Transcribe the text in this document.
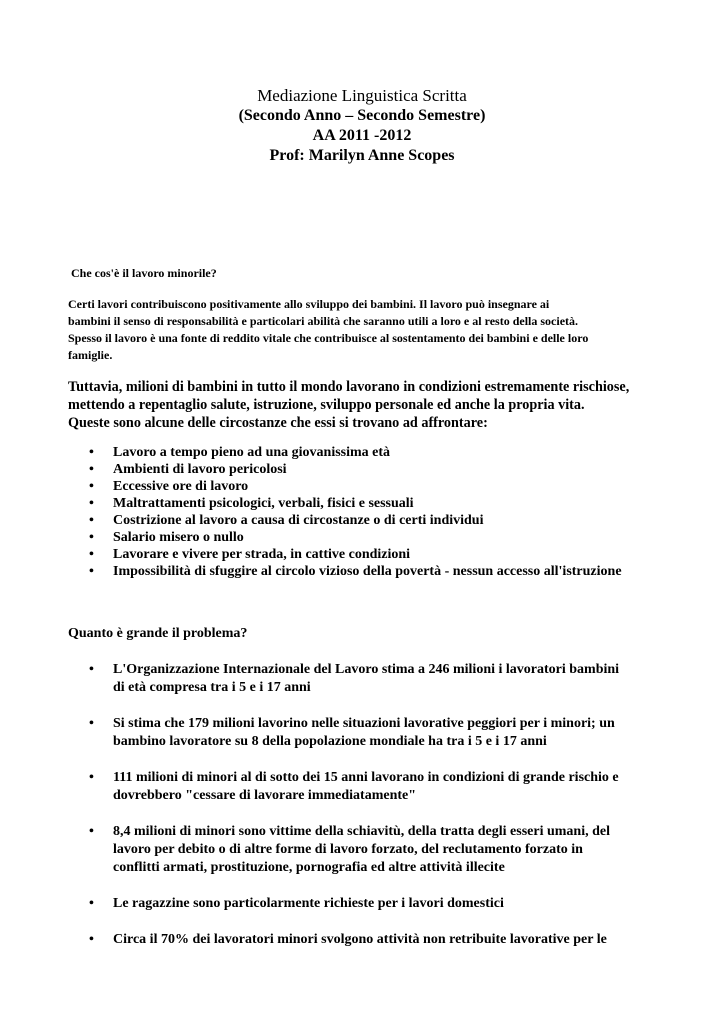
Mediazione Linguistica Scritta
(Secondo Anno – Secondo Semestre)
AA 2011 -2012
Prof: Marilyn Anne Scopes
Che cos'è il lavoro minorile?
Certi lavori contribuiscono positivamente allo sviluppo dei bambini. Il lavoro può insegnare ai
bambini il senso di responsabilità e particolari abilità che saranno utili a loro e al resto della società.
Spesso il lavoro è una fonte di reddito vitale che contribuisce al sostentamento dei bambini e delle loro
famiglie.
Tuttavia, milioni di bambini in tutto il mondo lavorano in condizioni estremamente rischiose,
mettendo a repentaglio salute, istruzione, sviluppo personale ed anche la propria vita.
Queste sono alcune delle circostanze che essi si trovano ad affrontare:
• Lavoro a tempo pieno ad una giovanissima età
• Ambienti di lavoro pericolosi
• Eccessive ore di lavoro
• Maltrattamenti psicologici, verbali, fisici e sessuali
• Costrizione al lavoro a causa di circostanze o di certi individui
• Salario misero o nullo
• Lavorare e vivere per strada, in cattive condizioni
• Impossibilità di sfuggire al circolo vizioso della povertà - nessun accesso all'istruzione
Quanto è grande il problema?
• L'Organizzazione Internazionale del Lavoro stima a 246 milioni i lavoratori bambini
di età compresa tra i 5 e i 17 anni
• Si stima che 179 milioni lavorino nelle situazioni lavorative peggiori per i minori; un
bambino lavoratore su 8 della popolazione mondiale ha tra i 5 e i 17 anni
• 111 milioni di minori al di sotto dei 15 anni lavorano in condizioni di grande rischio e
dovrebbero "cessare di lavorare immediatamente"
• 8,4 milioni di minori sono vittime della schiavitù, della tratta degli esseri umani, del
lavoro per debito o di altre forme di lavoro forzato, del reclutamento forzato in
conflitti armati, prostituzione, pornografia ed altre attività illecite
• Le ragazzine sono particolarmente richieste per i lavori domestici
• Circa il 70% dei lavoratori minori svolgono attività non retribuite lavorative per le
